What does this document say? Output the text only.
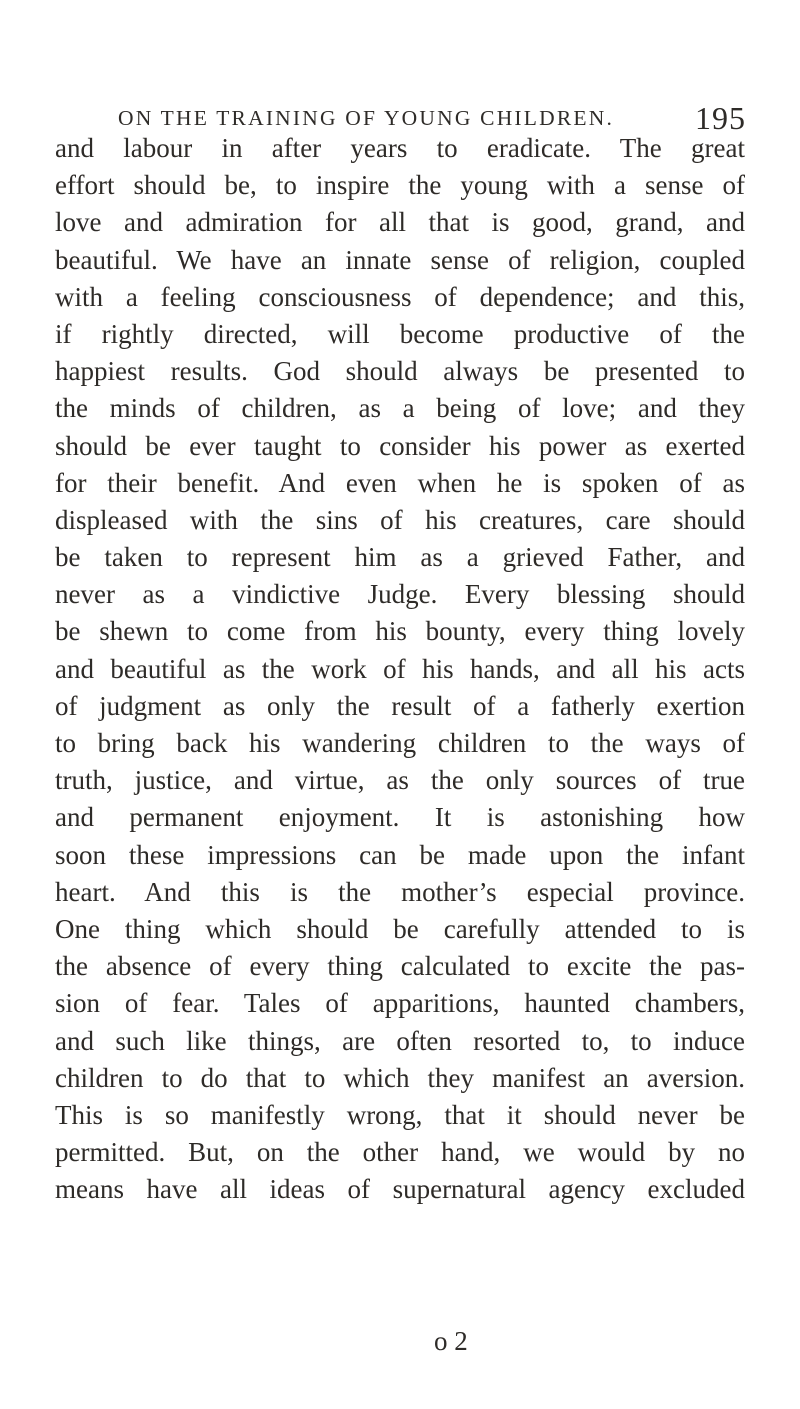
ON THE TRAINING OF YOUNG CHILDREN.	195
and labour in after years to eradicate. The great
effort should be, to inspire the young with a sense of
love and admiration for all that is good, grand, and
beautiful. We have an innate sense of religion, coupled
with a feeling consciousness of dependence; and this,
if rightly directed, will become productive of the
happiest results. God should always be presented to
the minds of children, as a being of love; and they
should be ever taught to consider his power as exerted
for their benefit. And even when he is spoken of as
displeased with the sins of his creatures, care should
be taken to represent him as a grieved Father, and
never as a vindictive Judge. Every blessing should
be shewn to come from his bounty, every thing lovely
and beautiful as the work of his hands, and all his acts
of judgment as only the result of a fatherly exertion
to bring back his wandering children to the ways of
truth, justice, and virtue, as the only sources of true
and permanent enjoyment. It is astonishing how
soon these impressions can be made upon the infant
heart. And this is the mother’s especial province.
One thing which should be carefully attended to is
the absence of every thing calculated to excite the pas-
sion of fear. Tales of apparitions, haunted chambers,
and such like things, are often resorted to, to induce
children to do that to which they manifest an aversion.
This is so manifestly wrong, that it should never be
permitted. But, on the other hand, we would by no
means have all ideas of supernatural agency excluded
o 2
